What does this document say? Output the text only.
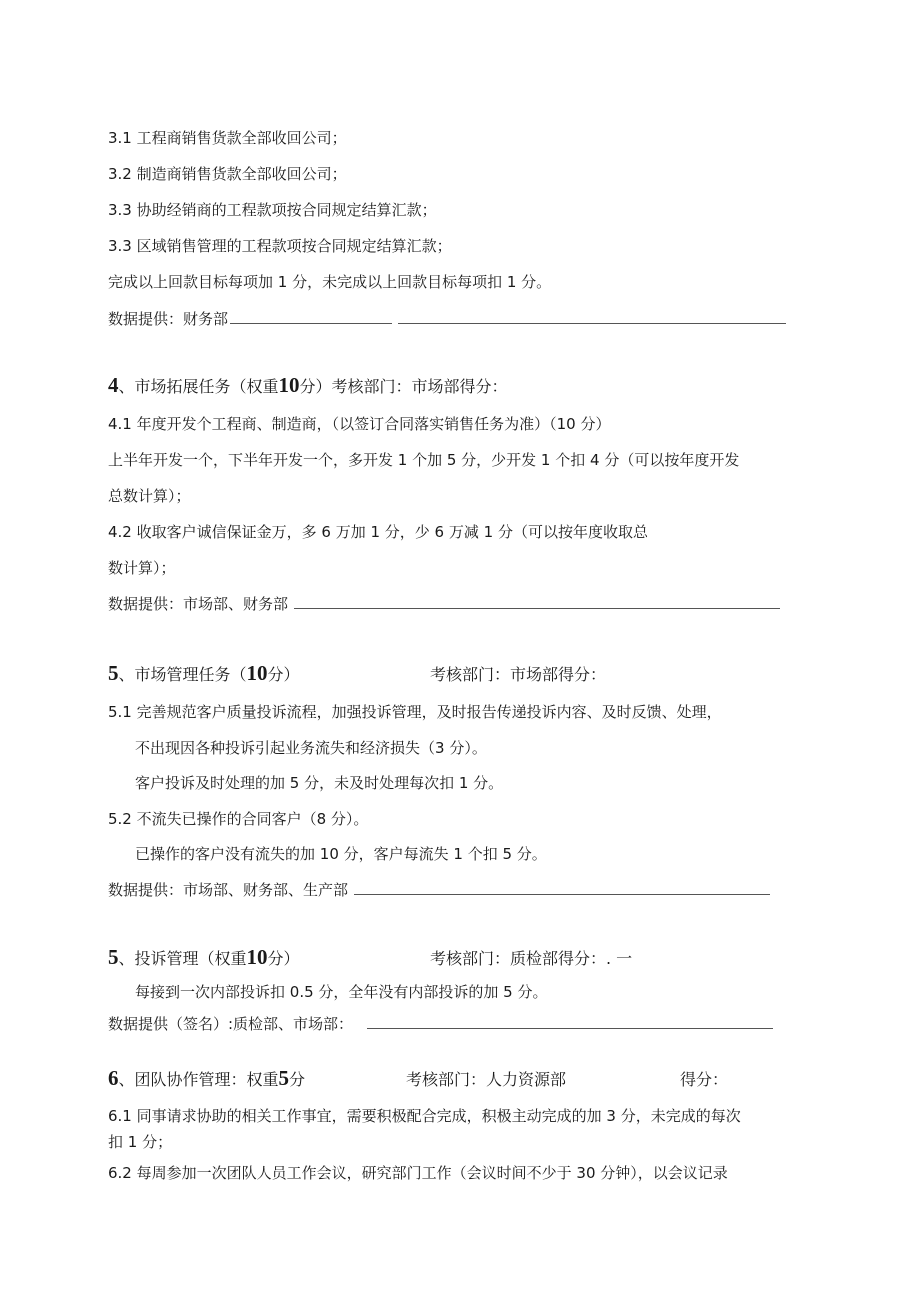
3.1 工程商销售货款全部收回公司；
3.2 制造商销售货款全部收回公司；
3.3 协助经销商的工程款项按合同规定结算汇款；
3.3 区域销售管理的工程款项按合同规定结算汇款；
完成以上回款目标每项加 1 分，未完成以上回款目标每项扣 1 分。
数据提供：财务部
4、市场拓展任务（权重10分）考核部门：市场部得分：
4.1 年度开发个工程商、制造商，（以签订合同落实销售任务为准）（10 分）
上半年开发一个，下半年开发一个，多开发 1 个加 5 分，少开发 1 个扣 4 分（可以按年度开发
总数计算）；
4.2 收取客户诚信保证金万，多 6 万加 1 分，少 6 万减 1 分（可以按年度收取总
数计算）；
数据提供：市场部、财务部
5、市场管理任务（10分）	考核部门：市场部得分：
5.1 完善规范客户质量投诉流程，加强投诉管理，及时报告传递投诉内容、及时反馈、处理，
不出现因各种投诉引起业务流失和经济损失（3 分）。
客户投诉及时处理的加 5 分，未及时处理每次扣 1 分。
5.2 不流失已操作的合同客户（8 分）。
已操作的客户没有流失的加 10 分，客户每流失 1 个扣 5 分。
数据提供：市场部、财务部、生产部
5、投诉管理（权重10分）	考核部门：质检部得分：. 一
每接到一次内部投诉扣 0.5 分，全年没有内部投诉的加 5 分。
数据提供（签名）:质检部、市场部：
6、团队协作管理：权重5分	考核部门：人力资源部	得分：
6.1 同事请求协助的相关工作事宜，需要积极配合完成，积极主动完成的加 3 分，未完成的每次
扣 1 分；
6.2 每周参加一次团队人员工作会议，研究部门工作（会议时间不少于 30 分钟），以会议记录
